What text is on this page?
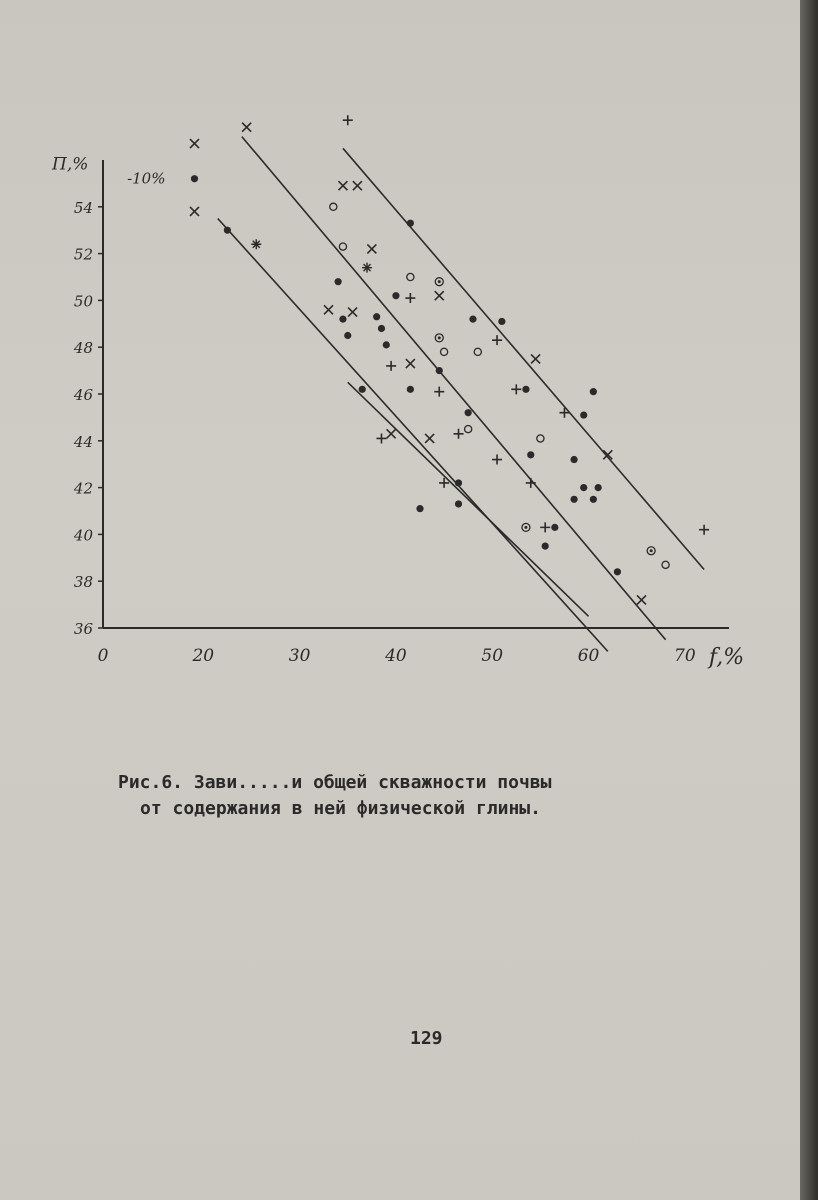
36
38
40
42
44
46
48
50
52
54
0	20	30	40	50	60	70
П,%
f,%
-10%
Рис.6. Зави.....и общей скважности почвы
от содержания в ней физической глины.
129
